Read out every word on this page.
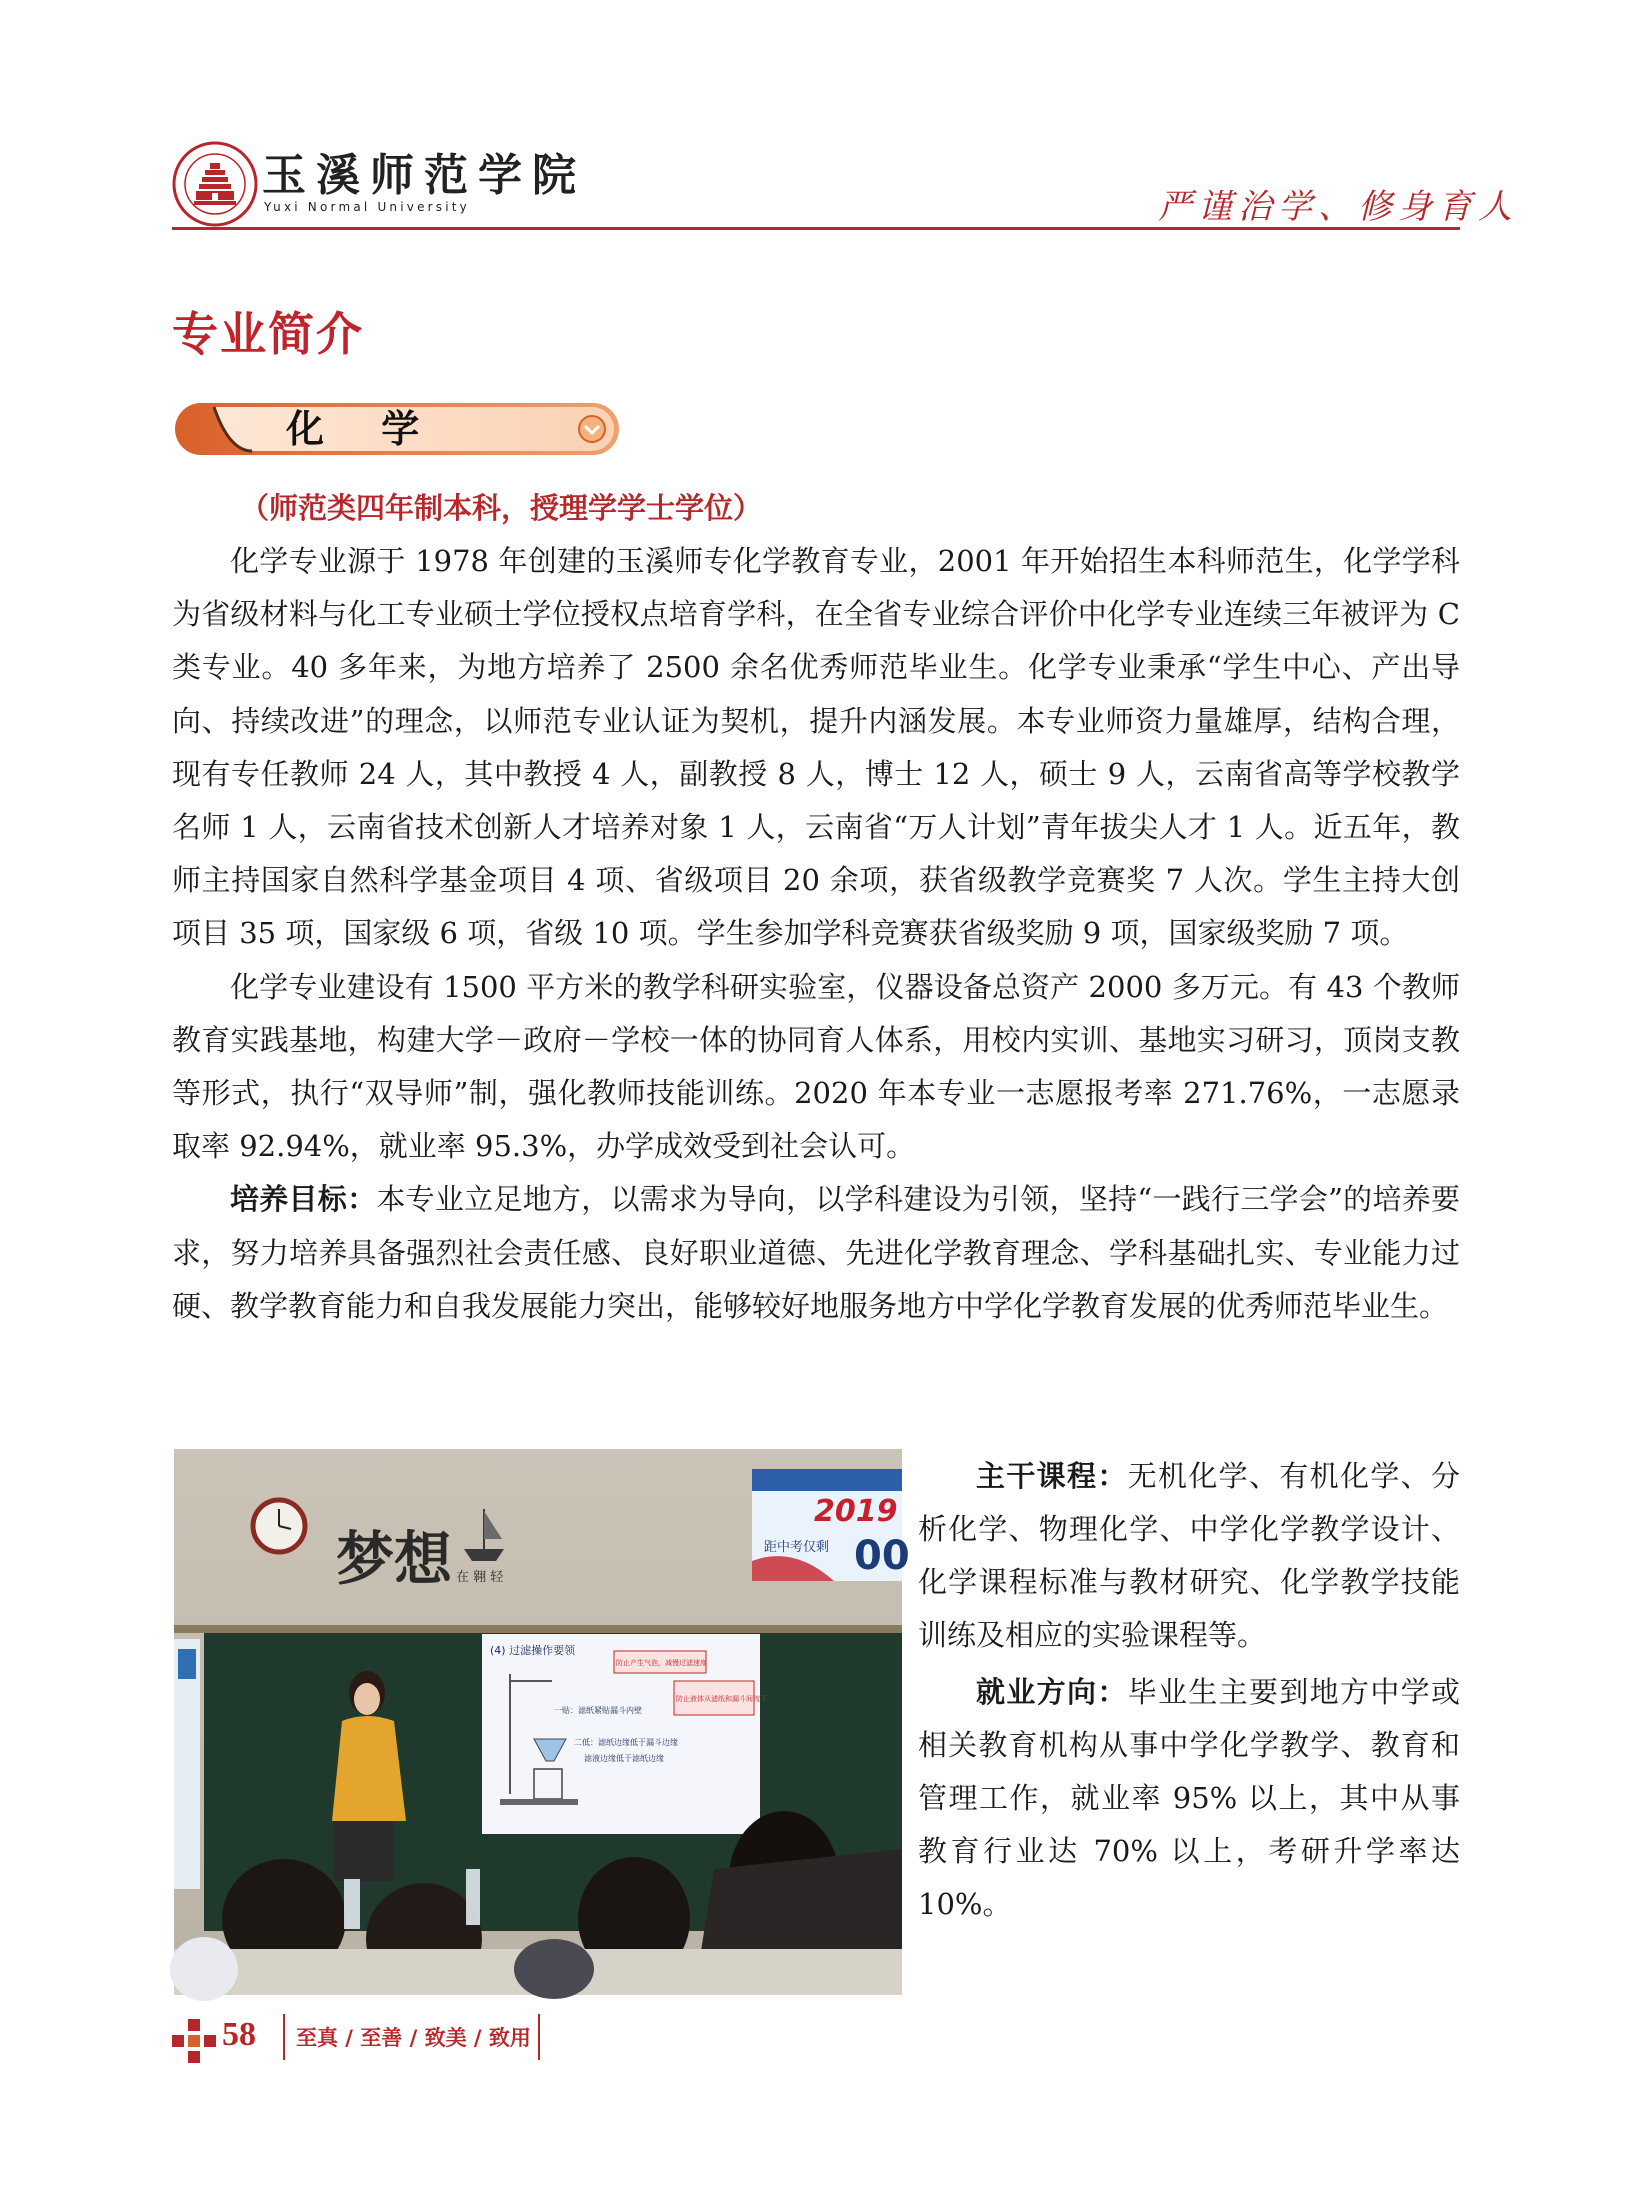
玉溪师范学院
Yuxi Normal University	严谨治学、修身育人
专业简介
化 学
（师范类四年制本科，授理学学士学位）

化学专业源于 1978 年创建的玉溪师专化学教育专业，2001 年开始招生本科师范生，化学学科为省级材料与化工专业硕士学位授权点培育学科，在全省专业综合评价中化学专业连续三年被评为 C 类专业。40 多年来，为地方培养了 2500 余名优秀师范毕业生。化学专业秉承“学生中心、产出导向、持续改进”的理念，以师范专业认证为契机，提升内涵发展。本专业师资力量雄厚，结构合理，现有专任教师 24 人，其中教授 4 人，副教授 8 人，博士 12 人，硕士 9 人，云南省高等学校教学名师 1 人，云南省技术创新人才培养对象 1 人，云南省“万人计划”青年拔尖人才 1 人。近五年，教师主持国家自然科学基金项目 4 项、省级项目 20 余项，获省级教学竞赛奖 7 人次。学生主持大创项目 35 项，国家级 6 项，省级 10 项。学生参加学科竞赛获省级奖励 9 项，国家级奖励 7 项。

化学专业建设有 1500 平方米的教学科研实验室，仪器设备总资产 2000 多万元。有 43 个教师教育实践基地，构建大学－政府－学校一体的协同育人体系，用校内实训、基地实习研习，顶岗支教等形式，执行“双导师”制，强化教师技能训练。2020 年本专业一志愿报考率 271.76%，一志愿录取率 92.94%，就业率 95.3%，办学成效受到社会认可。

培养目标：本专业立足地方，以需求为导向，以学科建设为引领，坚持“一践行三学会”的培养要求，努力培养具备强烈社会责任感、良好职业道德、先进化学教育理念、学科基础扎实、专业能力过硬、教学教育能力和自我发展能力突出，能够较好地服务地方中学化学教育发展的优秀师范毕业生。

梦想 在 翱 轻
2019
距中考仅剩 00
(4) 过滤操作要领
防止产生气泡，减慢过滤速度
防止液体从滤纸和漏斗间流下
一贴：滤纸紧贴漏斗内壁
二低：滤纸边缘低于漏斗边缘
滤液边缘低于滤纸边缘

主干课程：无机化学、有机化学、分析化学、物理化学、中学化学教学设计、化学课程标准与教材研究、化学教学技能训练及相应的实验课程等。

就业方向：毕业生主要到地方中学或相关教育机构从事中学化学教学、教育和管理工作，就业率 95% 以上，其中从事教育行业达 70% 以上，考研升学率达 10%。

58 至真 / 至善 / 致美 / 致用
